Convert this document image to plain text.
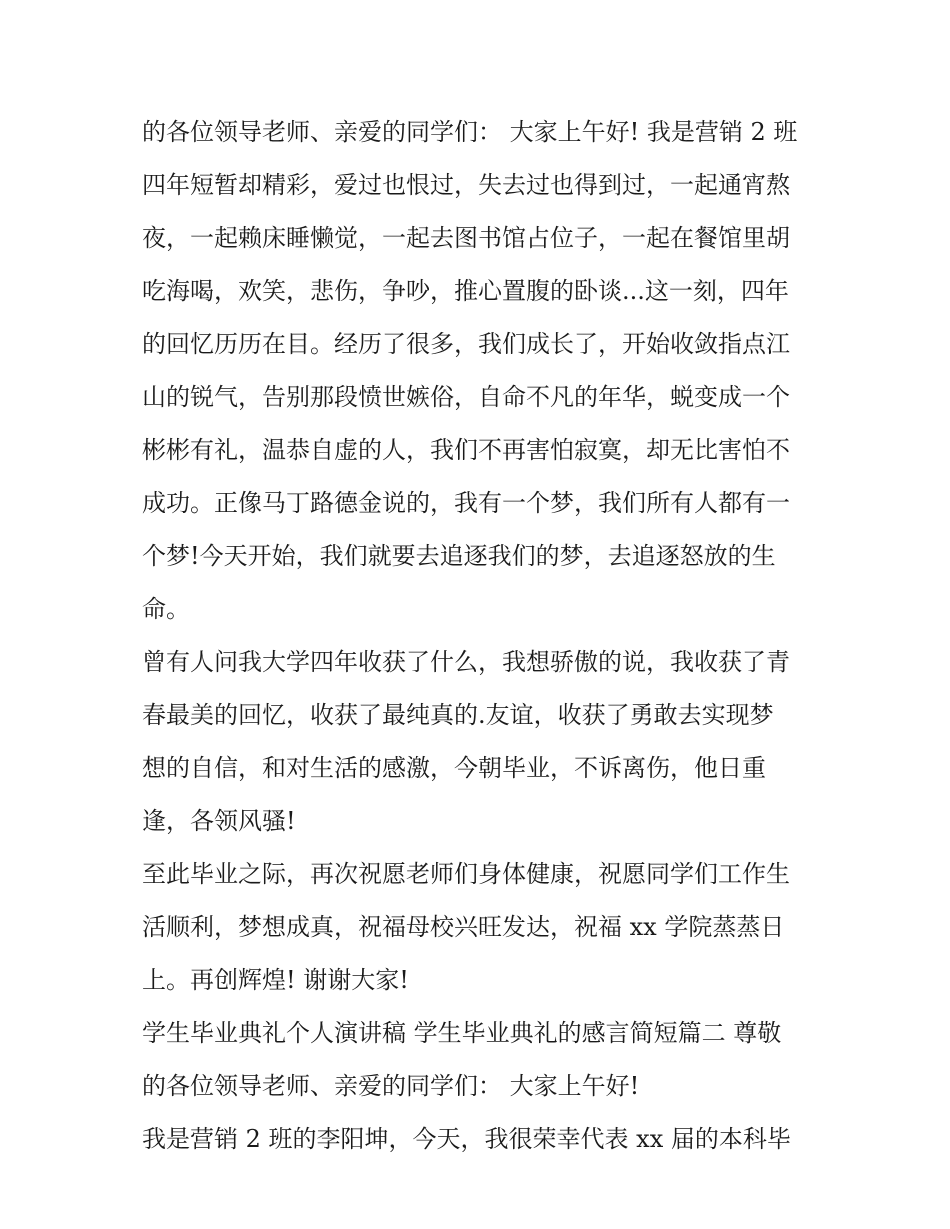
的各位领导老师、亲爱的同学们： 大家上午好! 我是营销 2 班
四年短暂却精彩，爱过也恨过，失去过也得到过，一起通宵熬
夜，一起赖床睡懒觉，一起去图书馆占位子，一起在餐馆里胡
吃海喝，欢笑，悲伤，争吵，推心置腹的卧谈...这一刻，四年
的回忆历历在目。经历了很多，我们成长了，开始收敛指点江
山的锐气，告别那段愤世嫉俗，自命不凡的年华，蜕变成一个
彬彬有礼，温恭自虚的人，我们不再害怕寂寞，却无比害怕不
成功。正像马丁路德金说的，我有一个梦，我们所有人都有一
个梦!今天开始，我们就要去追逐我们的梦，去追逐怒放的生
命。
曾有人问我大学四年收获了什么，我想骄傲的说，我收获了青
春最美的回忆，收获了最纯真的.友谊，收获了勇敢去实现梦
想的自信，和对生活的感激，今朝毕业，不诉离伤，他日重
逢，各领风骚!
至此毕业之际，再次祝愿老师们身体健康，祝愿同学们工作生
活顺利，梦想成真，祝福母校兴旺发达，祝福 xx 学院蒸蒸日
上。再创辉煌! 谢谢大家!
学生毕业典礼个人演讲稿 学生毕业典礼的感言简短篇二 尊敬
的各位领导老师、亲爱的同学们： 大家上午好!
我是营销 2 班的李阳坤，今天，我很荣幸代表 xx 届的本科毕
